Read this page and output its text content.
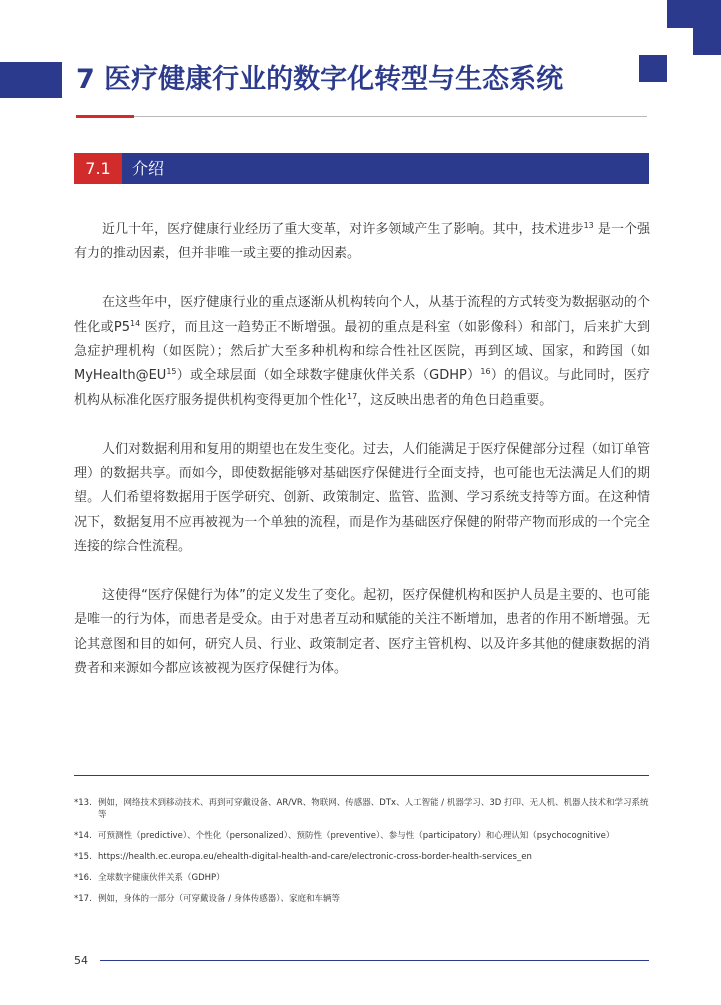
7 医疗健康行业的数字化转型与生态系统
7.1	介绍

近几十年，医疗健康行业经历了重大变革，对许多领域产生了影响。其中，技术进步$^{13}$ 是一个强有力的推动因素，但并非唯一或主要的推动因素。

在这些年中，医疗健康行业的重点逐渐从机构转向个人，从基于流程的方式转变为数据驱动的个性化或$P5^{14}$ 医疗，而且这一趋势正不断增强。最初的重点是科室（如影像科）和部门，后来扩大到急症护理机构（如医院）；然后扩大至多种机构和综合性社区医院，再到区域、国家，和跨国（如 MyHealth@EU$^{15}$）或全球层面（如全球数字健康伙伴关系（GDHP）$^{16}$）的倡议。与此同时，医疗机构从标准化医疗服务提供机构变得更加个性化$^{17}$，这反映出患者的角色日趋重要。

人们对数据利用和复用的期望也在发生变化。过去，人们能满足于医疗保健部分过程（如订单管理）的数据共享。而如今，即使数据能够对基础医疗保健进行全面支持，也可能也无法满足人们的期望。人们希望将数据用于医学研究、创新、政策制定、监管、监测、学习系统支持等方面。在这种情况下，数据复用不应再被视为一个单独的流程，而是作为基础医疗保健的附带产物而形成的一个完全连接的综合性流程。

这使得“医疗保健行为体”的定义发生了变化。起初，医疗保健机构和医护人员是主要的、也可能是唯一的行为体，而患者是受众。由于对患者互动和赋能的关注不断增加，患者的作用不断增强。无论其意图和目的如何，研究人员、行业、政策制定者、医疗主管机构、以及许多其他的健康数据的消费者和来源如今都应该被视为医疗保健行为体。

*13. 例如，网络技术到移动技术、再到可穿戴设备、AR/VR、物联网、传感器、DTx、人工智能 / 机器学习、3D 打印、无人机、机器人技术和学习系统等
*14. 可预测性（predictive）、个性化（personalized）、预防性（preventive）、参与性（participatory）和心理认知（psychocognitive）
*15. https://health.ec.europa.eu/ehealth-digital-health-and-care/electronic-cross-border-health-services_en
*16. 全球数字健康伙伴关系（GDHP）
*17. 例如，身体的一部分（可穿戴设备 / 身体传感器）、家庭和车辆等
54
